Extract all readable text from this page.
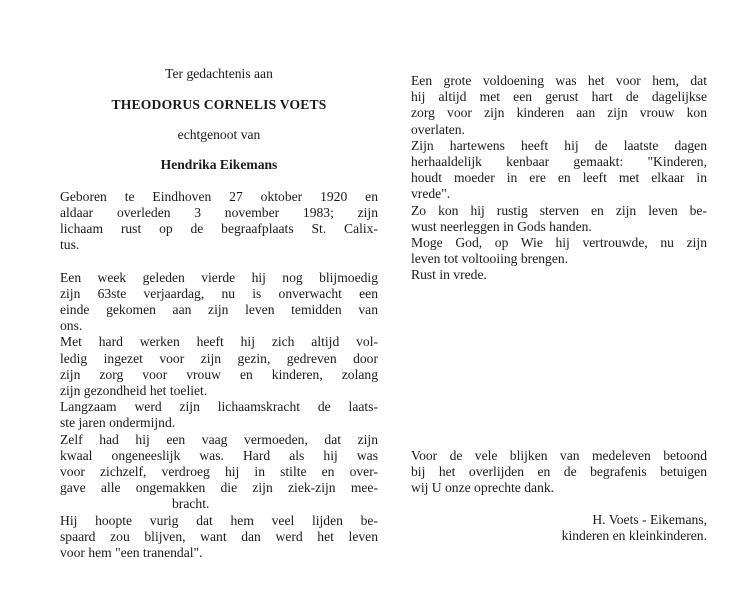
Ter gedachtenis aan
THEODORUS CORNELIS VOETS
echtgenoot van
Hendrika Eikemans
Geboren te Eindhoven 27 oktober 1920 en
aldaar overleden 3 november 1983; zijn
lichaam rust op de begraafplaats St. Calix-
tus.
Een week geleden vierde hij nog blijmoedig
zijn 63ste verjaardag, nu is onverwacht een
einde gekomen aan zijn leven temidden van
ons.
Met hard werken heeft hij zich altijd vol-
ledig ingezet voor zijn gezin, gedreven door
zijn zorg voor vrouw en kinderen, zolang
zijn gezondheid het toeliet.
Langzaam werd zijn lichaamskracht de laats-
ste jaren ondermijnd.
Zelf had hij een vaag vermoeden, dat zijn
kwaal ongeneeslijk was. Hard als hij was
voor zichzelf, verdroeg hij in stilte en over-
gave alle ongemakken die zijn ziek-zijn mee-
bracht.
Hij hoopte vurig dat hem veel lijden be-
spaard zou blijven, want dan werd het leven
voor hem "een tranendal".
Een grote voldoening was het voor hem, dat
hij altijd met een gerust hart de dagelijkse
zorg voor zijn kinderen aan zijn vrouw kon
overlaten.
Zijn hartewens heeft hij de laatste dagen
herhaaldelijk kenbaar gemaakt: "Kinderen,
houdt moeder in ere en leeft met elkaar in
vrede".
Zo kon hij rustig sterven en zijn leven be-
wust neerleggen in Gods handen.
Moge God, op Wie hij vertrouwde, nu zijn
leven tot voltooiing brengen.
Rust in vrede.
Voor de vele blijken van medeleven betoond
bij het overlijden en de begrafenis betuigen
wij U onze oprechte dank.
H. Voets - Eikemans,
kinderen en kleinkinderen.
